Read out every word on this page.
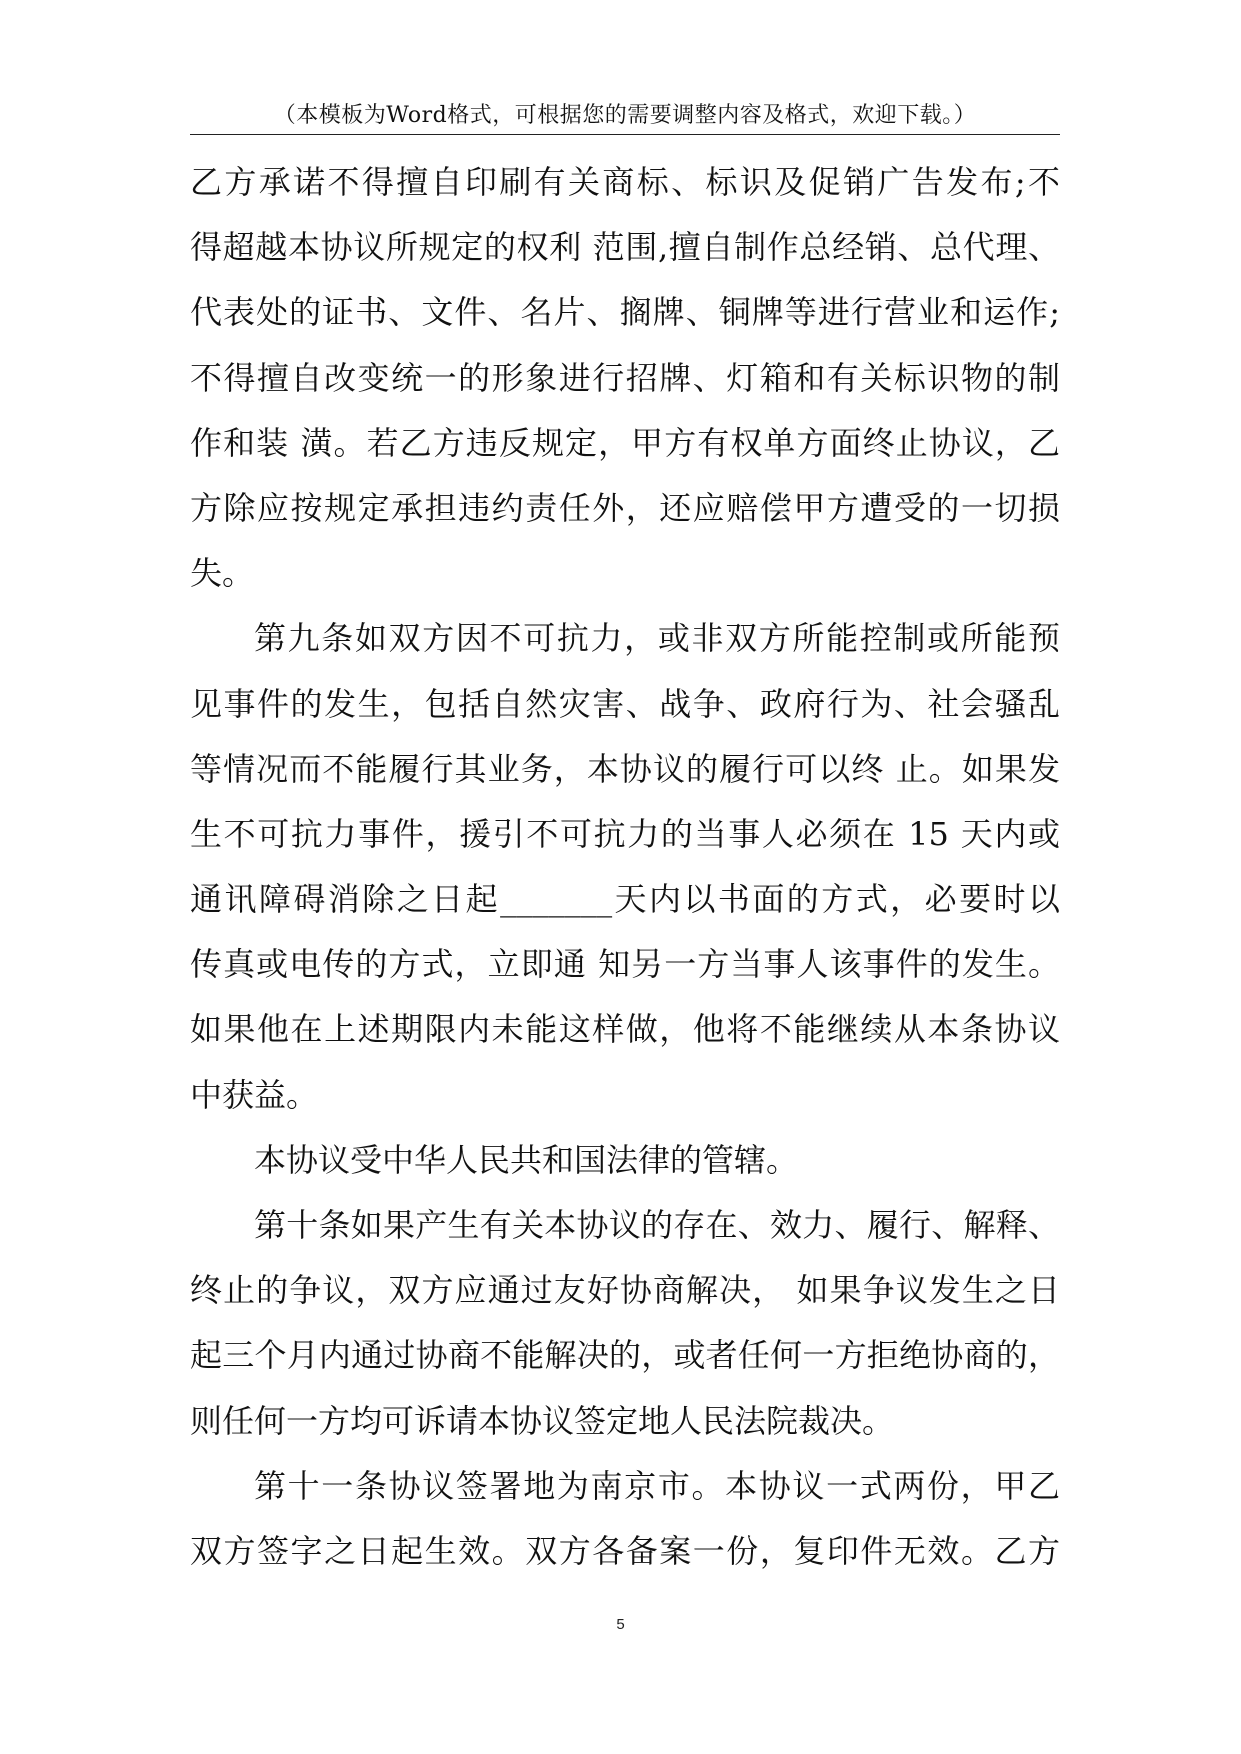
（本模板为Word格式，可根据您的需要调整内容及格式，欢迎下载。）
乙方承诺不得擅自印刷有关商标、标识及促销广告发布;不
得超越本协议所规定的权利 范围,擅自制作总经销、总代理、
代表处的证书、文件、名片、搁牌、铜牌等进行营业和运作;
不得擅自改变统一的形象进行招牌、灯箱和有关标识物的制
作和装 潢。若乙方违反规定，甲方有权单方面终止协议，乙
方除应按规定承担违约责任外，还应赔偿甲方遭受的一切损
失。
第九条如双方因不可抗力，或非双方所能控制或所能预
见事件的发生，包括自然灾害、战争、政府行为、社会骚乱
等情况而不能履行其业务，本协议的履行可以终 止。如果发
生不可抗力事件，援引不可抗力的当事人必须在 15 天内或
通讯障碍消除之日起_______天内以书面的方式，必要时以
传真或电传的方式，立即通 知另一方当事人该事件的发生。
如果他在上述期限内未能这样做，他将不能继续从本条协议
中获益。
本协议受中华人民共和国法律的管辖。
第十条如果产生有关本协议的存在、效力、履行、解释、
终止的争议，双方应通过友好协商解决， 如果争议发生之日
起三个月内通过协商不能解决的，或者任何一方拒绝协商的，
则任何一方均可诉请本协议签定地人民法院裁决。
第十一条协议签署地为南京市。本协议一式两份，甲乙
双方签字之日起生效。双方各备案一份，复印件无效。乙方
5
